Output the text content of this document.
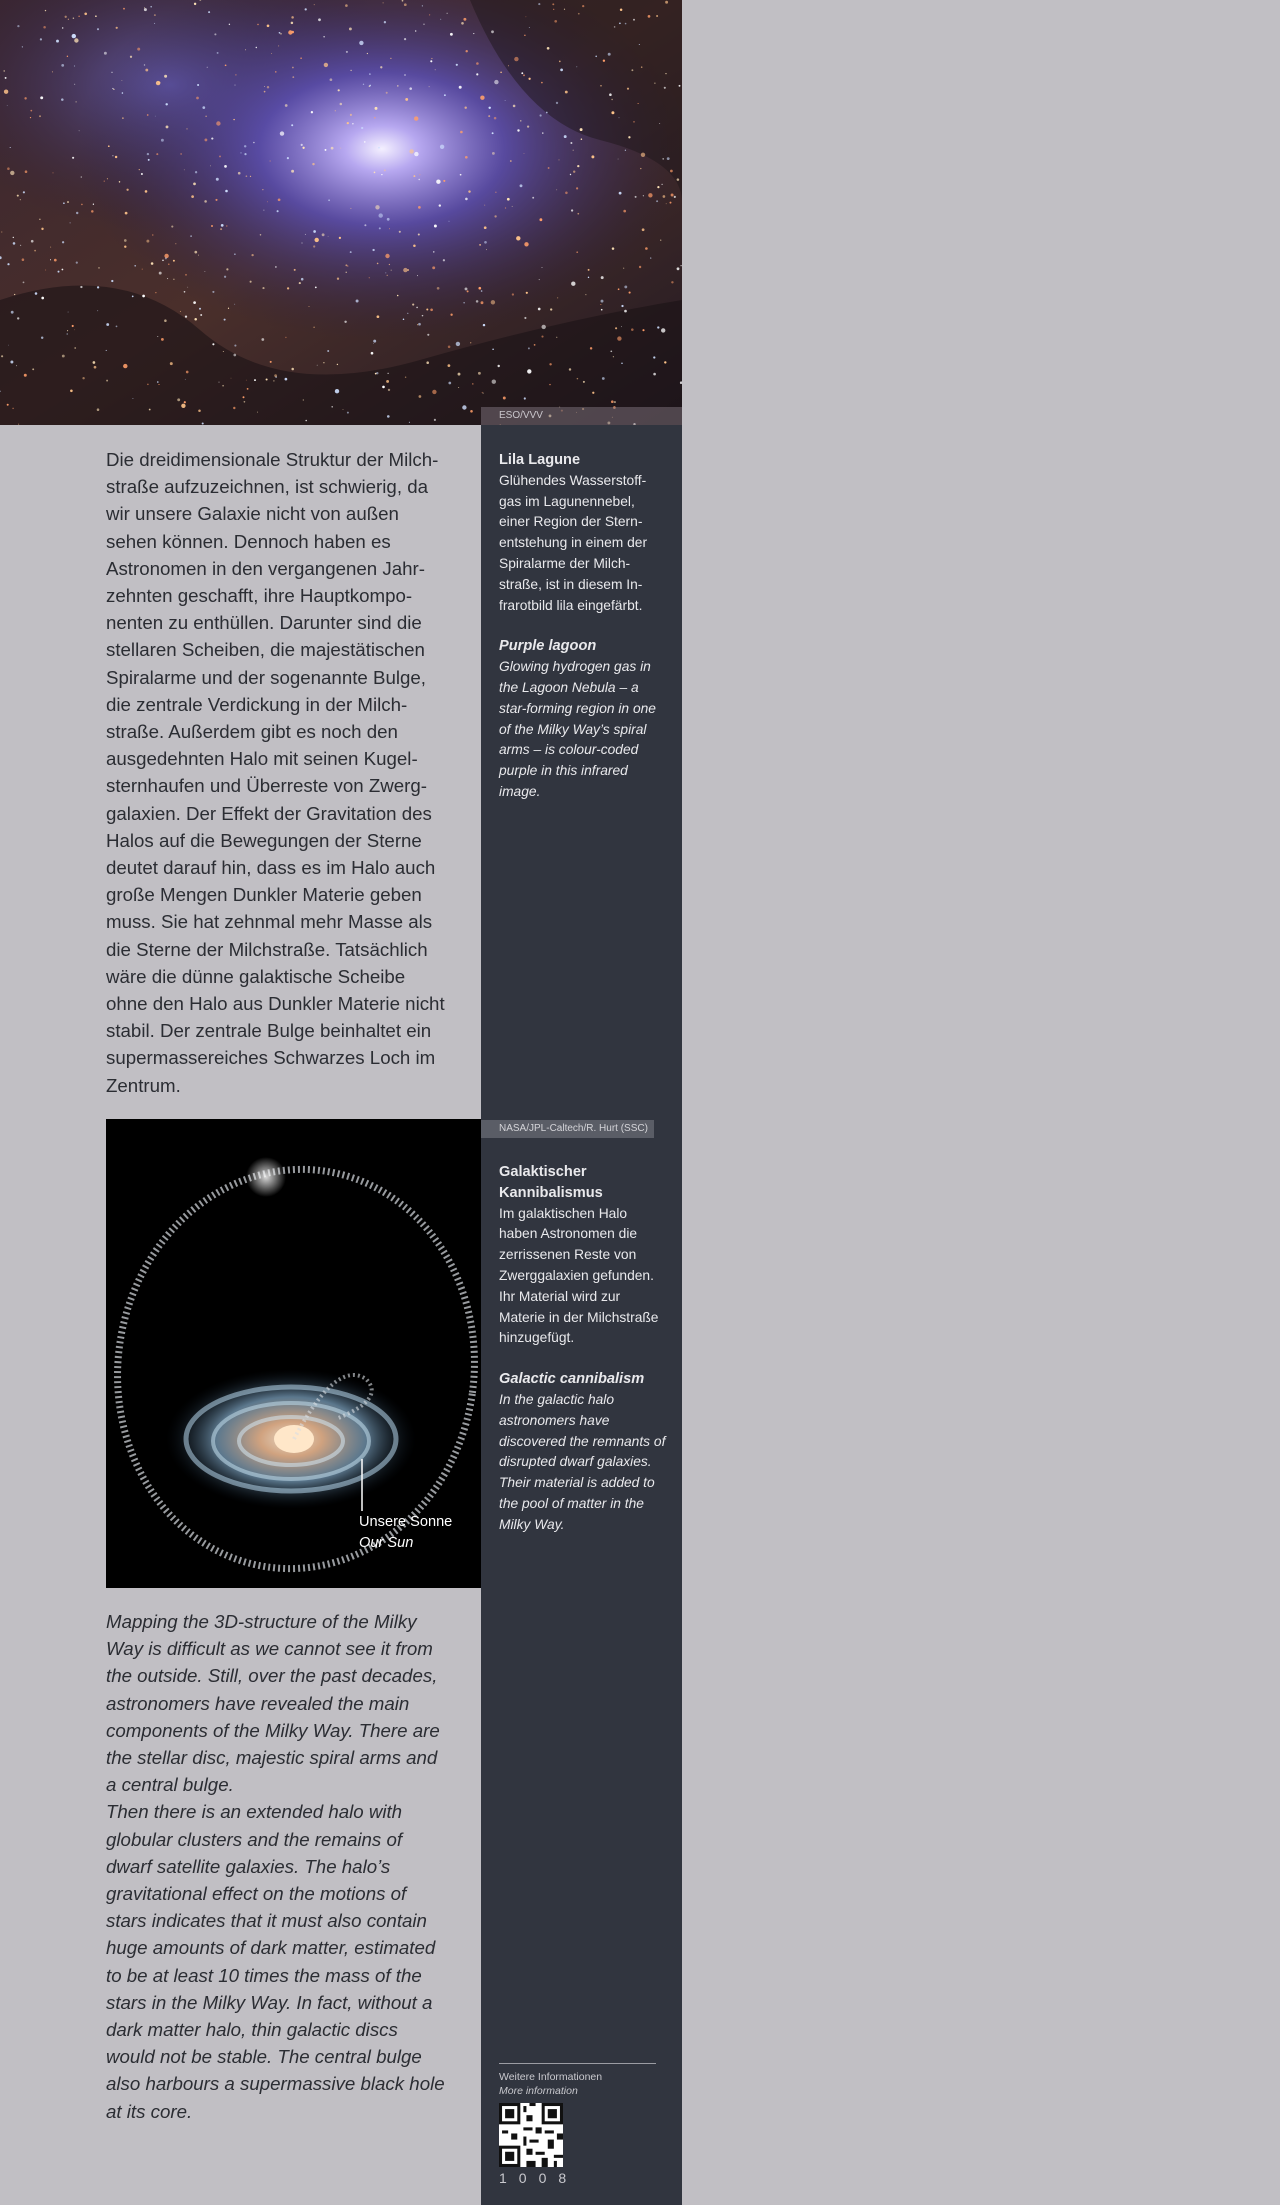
ESO/VVV

Die dreidimensionale Struktur der Milch-straße aufzuzeichnen, ist schwierig, da wir unsere Galaxie nicht von außen sehen können. Dennoch haben es Astronomen in den vergangenen Jahr-zehnten geschafft, ihre Hauptkompo-nenten zu enthüllen. Darunter sind die stellaren Scheiben, die majestätischen Spiralarme und der sogenannte Bulge, die zentrale Verdickung in der Milch-straße. Außerdem gibt es noch den ausgedehnten Halo mit seinen Kugel-sternhaufen und Überreste von Zwerg-galaxien. Der Effekt der Gravitation des Halos auf die Bewegungen der Sterne deutet darauf hin, dass es im Halo auch große Mengen Dunkler Materie geben muss. Sie hat zehnmal mehr Masse als die Sterne der Milchstraße. Tatsächlich wäre die dünne galaktische Scheibe ohne den Halo aus Dunkler Materie nicht stabil. Der zentrale Bulge beinhaltet ein supermassereiches Schwarzes Loch im Zentrum.

Lila Lagune
Glühendes Wasserstoff-gas im Lagunennebel, einer Region der Stern-entstehung in einem der Spiralarme der Milch-straße, ist in diesem In-frarotbild lila eingefärbt.
Purple lagoon
Glowing hydrogen gas in the Lagoon Nebula – a star-forming region in one of the Milky Way’s spiral arms – is colour-coded purple in this infrared image.
Unsere Sonne
Our Sun
NASA/JPL-Caltech/R. Hurt (SSC)
Galaktischer Kannibalismus
Im galaktischen Halo haben Astronomen die zerrissenen Reste von Zwerggalaxien gefunden. Ihr Material wird zur Materie in der Milchstraße hinzugefügt.
Galactic cannibalism
In the galactic halo astronomers have discovered the remnants of disrupted dwarf galaxies. Their material is added to the pool of matter in the Milky Way.

Mapping the 3D-structure of the Milky Way is difficult as we cannot see it from the outside. Still, over the past decades, astronomers have revealed the main components of the Milky Way. There are the stellar disc, majestic spiral arms and a central bulge.
Then there is an extended halo with globular clusters and the remains of dwarf satellite galaxies. The halo’s gravitational effect on the motions of stars indicates that it must also contain huge amounts of dark matter, estimated to be at least 10 times the mass of the stars in the Milky Way. In fact, without a dark matter halo, thin galactic discs would not be stable. The central bulge also harbours a supermassive black hole at its core.

Weitere Informationen
More information
1008
